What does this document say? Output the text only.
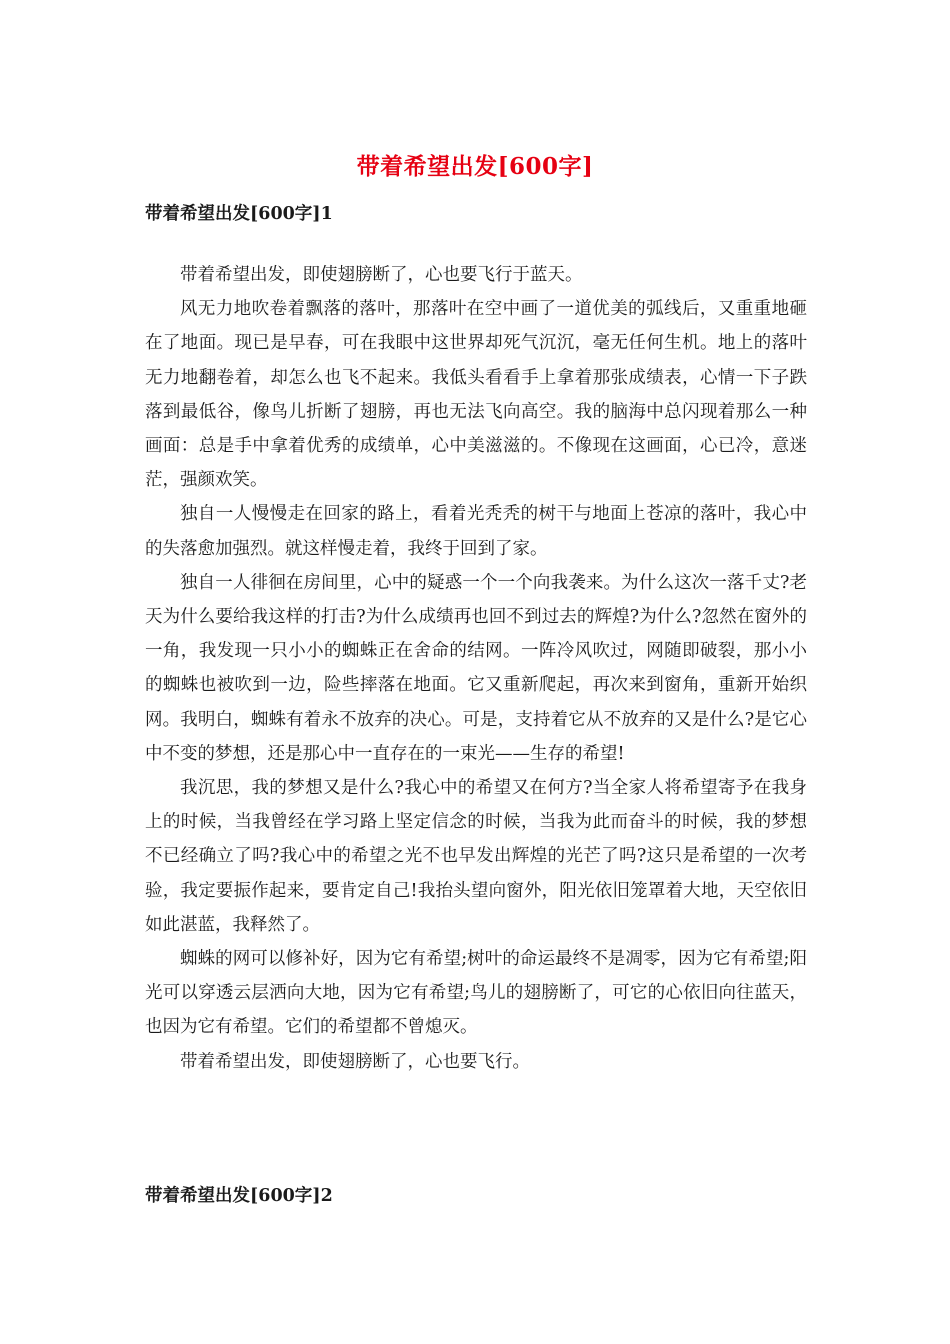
带着希望出发[600字]
带着希望出发[600字]1

带着希望出发，即使翅膀断了，心也要飞行于蓝天。

风无力地吹卷着飘落的落叶，那落叶在空中画了一道优美的弧线后，又重重地砸在了地面。现已是早春，可在我眼中这世界却死气沉沉，毫无任何生机。地上的落叶无力地翻卷着，却怎么也飞不起来。我低头看看手上拿着那张成绩表，心情一下子跌落到最低谷，像鸟儿折断了翅膀，再也无法飞向高空。我的脑海中总闪现着那么一种画面：总是手中拿着优秀的成绩单，心中美滋滋的。不像现在这画面，心已冷，意迷茫，强颜欢笑。

独自一人慢慢走在回家的路上，看着光秃秃的树干与地面上苍凉的落叶，我心中的失落愈加强烈。就这样慢走着，我终于回到了家。

独自一人徘徊在房间里，心中的疑惑一个一个向我袭来。为什么这次一落千丈?老天为什么要给我这样的打击?为什么成绩再也回不到过去的辉煌?为什么?忽然在窗外的一角，我发现一只小小的蜘蛛正在舍命的结网。一阵冷风吹过，网随即破裂，那小小的蜘蛛也被吹到一边，险些摔落在地面。它又重新爬起，再次来到窗角，重新开始织网。我明白，蜘蛛有着永不放弃的决心。可是，支持着它从不放弃的又是什么?是它心中不变的梦想，还是那心中一直存在的一束光——生存的希望!

我沉思，我的梦想又是什么?我心中的希望又在何方?当全家人将希望寄予在我身上的时候，当我曾经在学习路上坚定信念的时候，当我为此而奋斗的时候，我的梦想不已经确立了吗?我心中的希望之光不也早发出辉煌的光芒了吗?这只是希望的一次考验，我定要振作起来，要肯定自己!我抬头望向窗外，阳光依旧笼罩着大地，天空依旧如此湛蓝，我释然了。

蜘蛛的网可以修补好，因为它有希望;树叶的命运最终不是凋零，因为它有希望;阳光可以穿透云层洒向大地，因为它有希望;鸟儿的翅膀断了，可它的心依旧向往蓝天，也因为它有希望。它们的希望都不曾熄灭。

带着希望出发，即使翅膀断了，心也要飞行。

带着希望出发[600字]2
